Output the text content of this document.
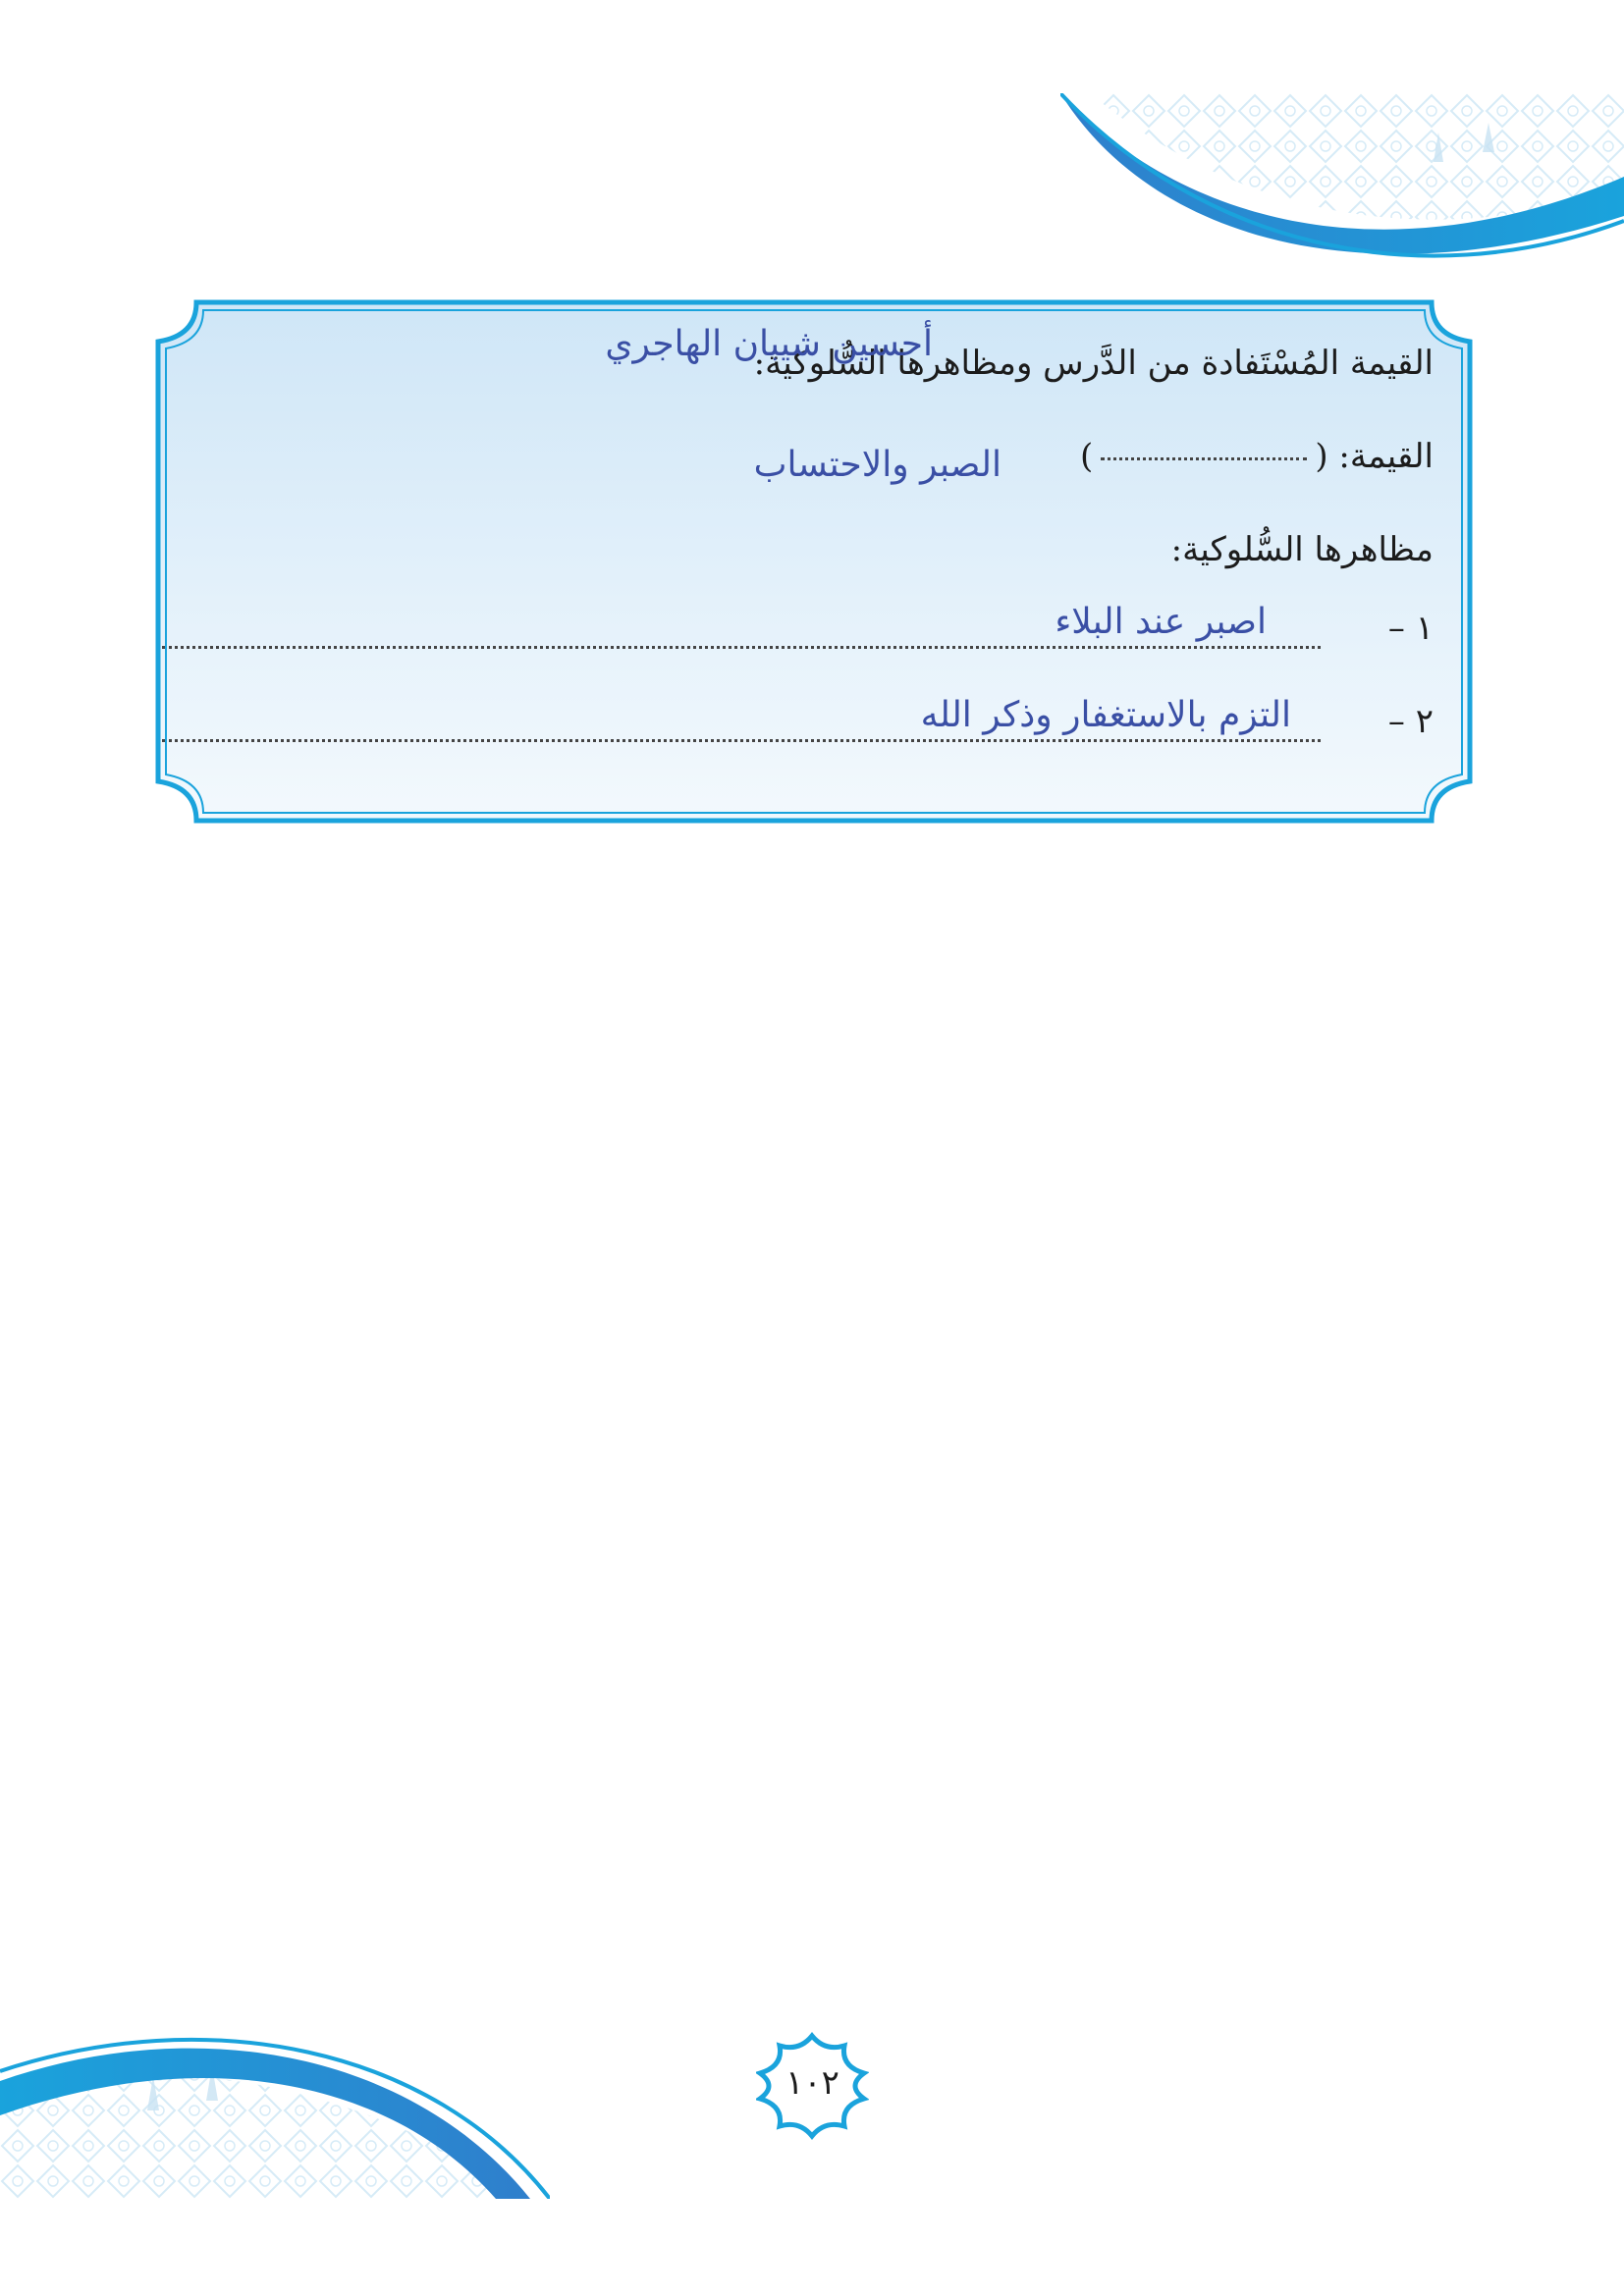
القيمة المُسْتَفادة من الدَّرس ومظاهرها السُّلوكية:
أحسين شيبان الهاجري
القيمة: ()
الصبر والاحتساب
مظاهرها السُّلوكية:
١ –
اصبر عند البلاء
٢ –
التزم بالاستغفار وذكر الله
١٠٢
